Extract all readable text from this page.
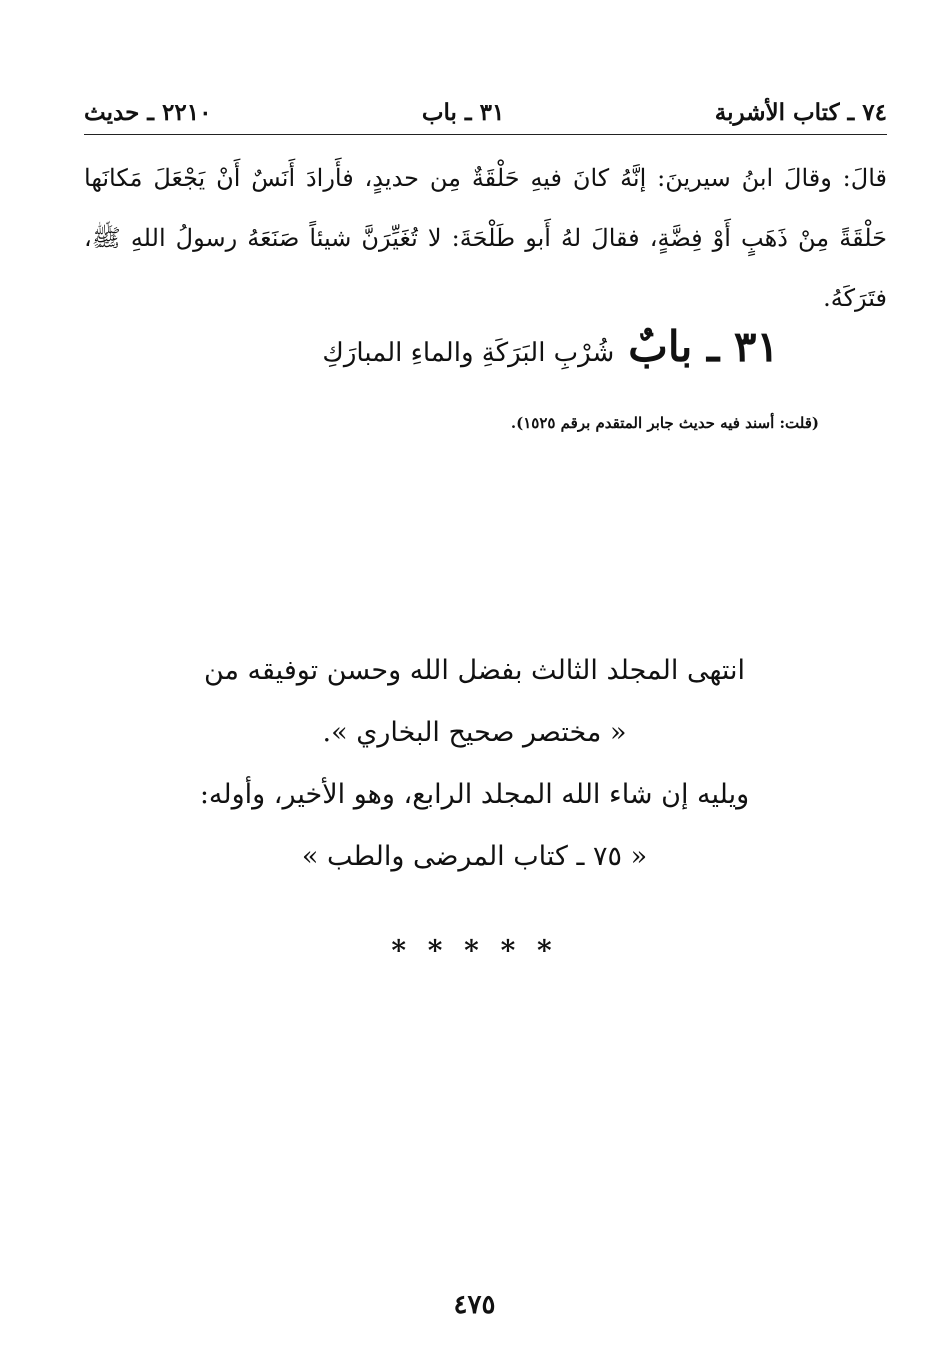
٧٤ ـ كتاب الأشربة
٣١ ـ باب
٢٢١٠ ـ حديث
قالَ: وقالَ ابنُ سيرينَ: إنَّهُ كانَ فيهِ حَلْقَةٌ مِن حديدٍ، فأَرادَ أَنَسٌ أَنْ يَجْعَلَ مَكانَها حَلْقَةً مِنْ ذَهَبٍ أَوْ فِضَّةٍ، فقالَ لهُ أَبو طَلْحَةَ: لا تُغَيِّرَنَّ شيئاً صَنَعَهُ رسولُ اللهِ ﷺ، فتَرَكَهُ.
٣١ ـ بابٌ
شُرْبِ البَرَكَةِ والماءِ المبارَكِ
(قلت: أسند فيه حديث جابر المتقدم برقم ١٥٢٥).
انتهى المجلد الثالث بفضل الله وحسن توفيقه من
« مختصر صحيح البخاري ».
ويليه إن شاء الله المجلد الرابع، وهو الأخير، وأوله:
« ٧٥ ـ كتاب المرضى والطب »
* * * * *
٤٧٥
